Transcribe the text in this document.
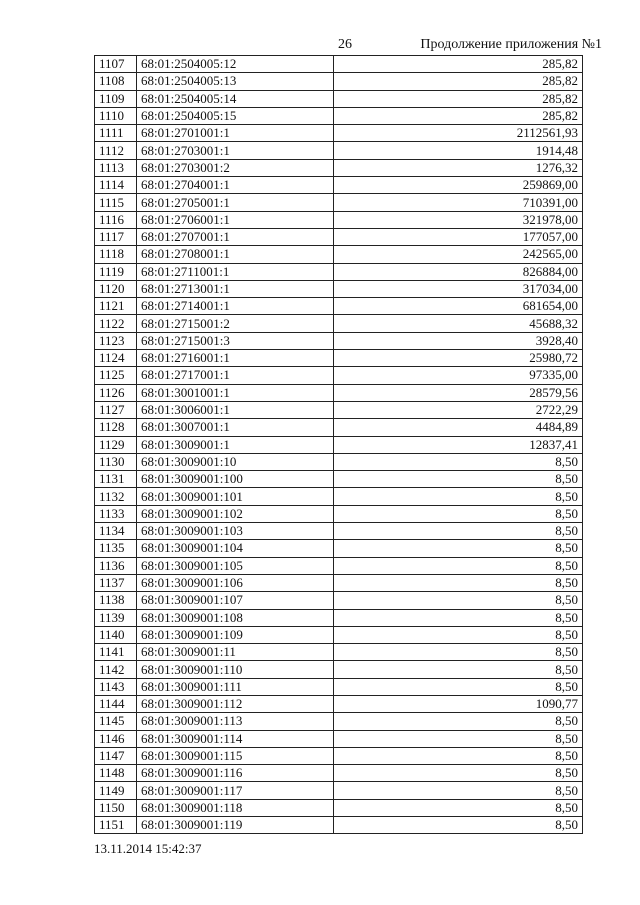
26	Продолжение приложения №1
1107	68:01:2504005:12	285,82
1108	68:01:2504005:13	285,82
1109	68:01:2504005:14	285,82
1110	68:01:2504005:15	285,82
1111	68:01:2701001:1	2112561,93
1112	68:01:2703001:1	1914,48
1113	68:01:2703001:2	1276,32
1114	68:01:2704001:1	259869,00
1115	68:01:2705001:1	710391,00
1116	68:01:2706001:1	321978,00
1117	68:01:2707001:1	177057,00
1118	68:01:2708001:1	242565,00
1119	68:01:2711001:1	826884,00
1120	68:01:2713001:1	317034,00
1121	68:01:2714001:1	681654,00
1122	68:01:2715001:2	45688,32
1123	68:01:2715001:3	3928,40
1124	68:01:2716001:1	25980,72
1125	68:01:2717001:1	97335,00
1126	68:01:3001001:1	28579,56
1127	68:01:3006001:1	2722,29
1128	68:01:3007001:1	4484,89
1129	68:01:3009001:1	12837,41
1130	68:01:3009001:10	8,50
1131	68:01:3009001:100	8,50
1132	68:01:3009001:101	8,50
1133	68:01:3009001:102	8,50
1134	68:01:3009001:103	8,50
1135	68:01:3009001:104	8,50
1136	68:01:3009001:105	8,50
1137	68:01:3009001:106	8,50
1138	68:01:3009001:107	8,50
1139	68:01:3009001:108	8,50
1140	68:01:3009001:109	8,50
1141	68:01:3009001:11	8,50
1142	68:01:3009001:110	8,50
1143	68:01:3009001:111	8,50
1144	68:01:3009001:112	1090,77
1145	68:01:3009001:113	8,50
1146	68:01:3009001:114	8,50
1147	68:01:3009001:115	8,50
1148	68:01:3009001:116	8,50
1149	68:01:3009001:117	8,50
1150	68:01:3009001:118	8,50
1151	68:01:3009001:119	8,50
13.11.2014 15:42:37
